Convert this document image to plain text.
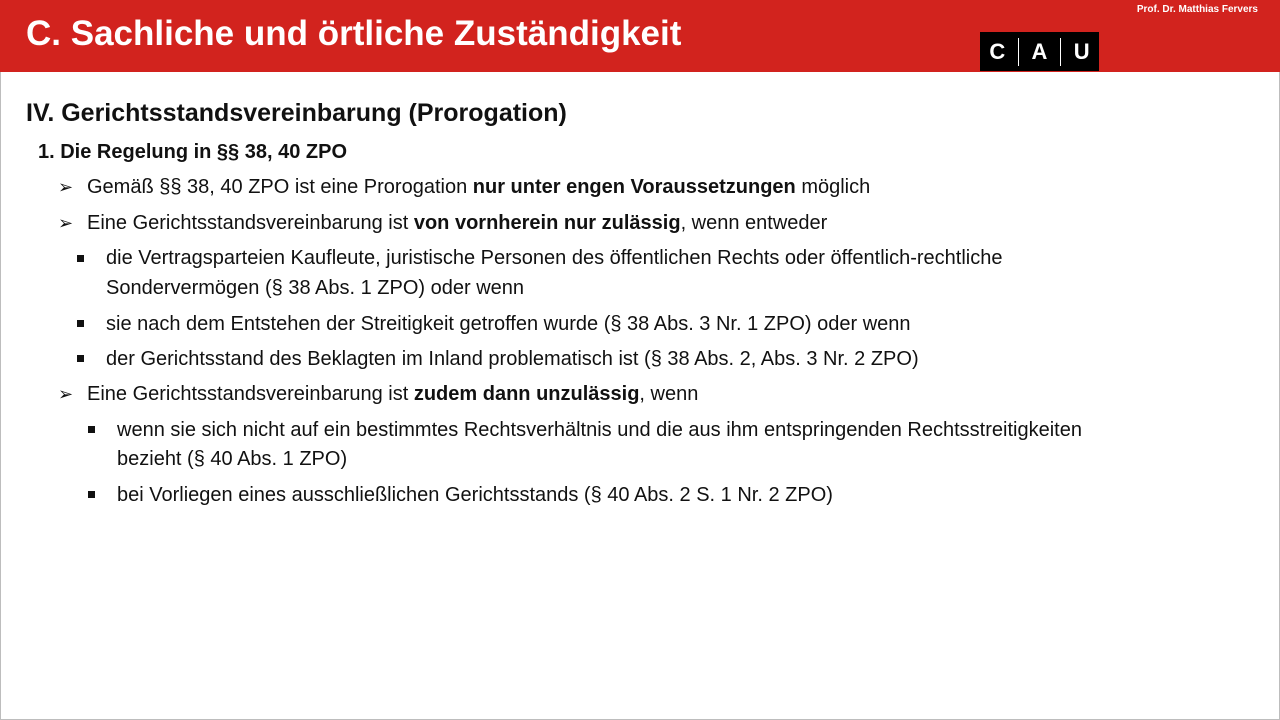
C. Sachliche und örtliche Zuständigkeit
Prof. Dr. Matthias Fervers
C A U
IV. Gerichtsstandsvereinbarung (Prorogation)
1. Die Regelung in §§ 38, 40 ZPO
➢ Gemäß §§ 38, 40 ZPO ist eine Prorogation nur unter engen Voraussetzungen möglich
➢ Eine Gerichtsstandsvereinbarung ist von vornherein nur zulässig, wenn entweder
die Vertragsparteien Kaufleute, juristische Personen des öffentlichen Rechts oder öffentlich-rechtliche
Sondervermögen (§ 38 Abs. 1 ZPO) oder wenn
sie nach dem Entstehen der Streitigkeit getroffen wurde (§ 38 Abs. 3 Nr. 1 ZPO) oder wenn
der Gerichtsstand des Beklagten im Inland problematisch ist (§ 38 Abs. 2, Abs. 3 Nr. 2 ZPO)
➢ Eine Gerichtsstandsvereinbarung ist zudem dann unzulässig, wenn
wenn sie sich nicht auf ein bestimmtes Rechtsverhältnis und die aus ihm entspringenden Rechtsstreitigkeiten
bezieht (§ 40 Abs. 1 ZPO)
bei Vorliegen eines ausschließlichen Gerichtsstands (§ 40 Abs. 2 S. 1 Nr. 2 ZPO)
